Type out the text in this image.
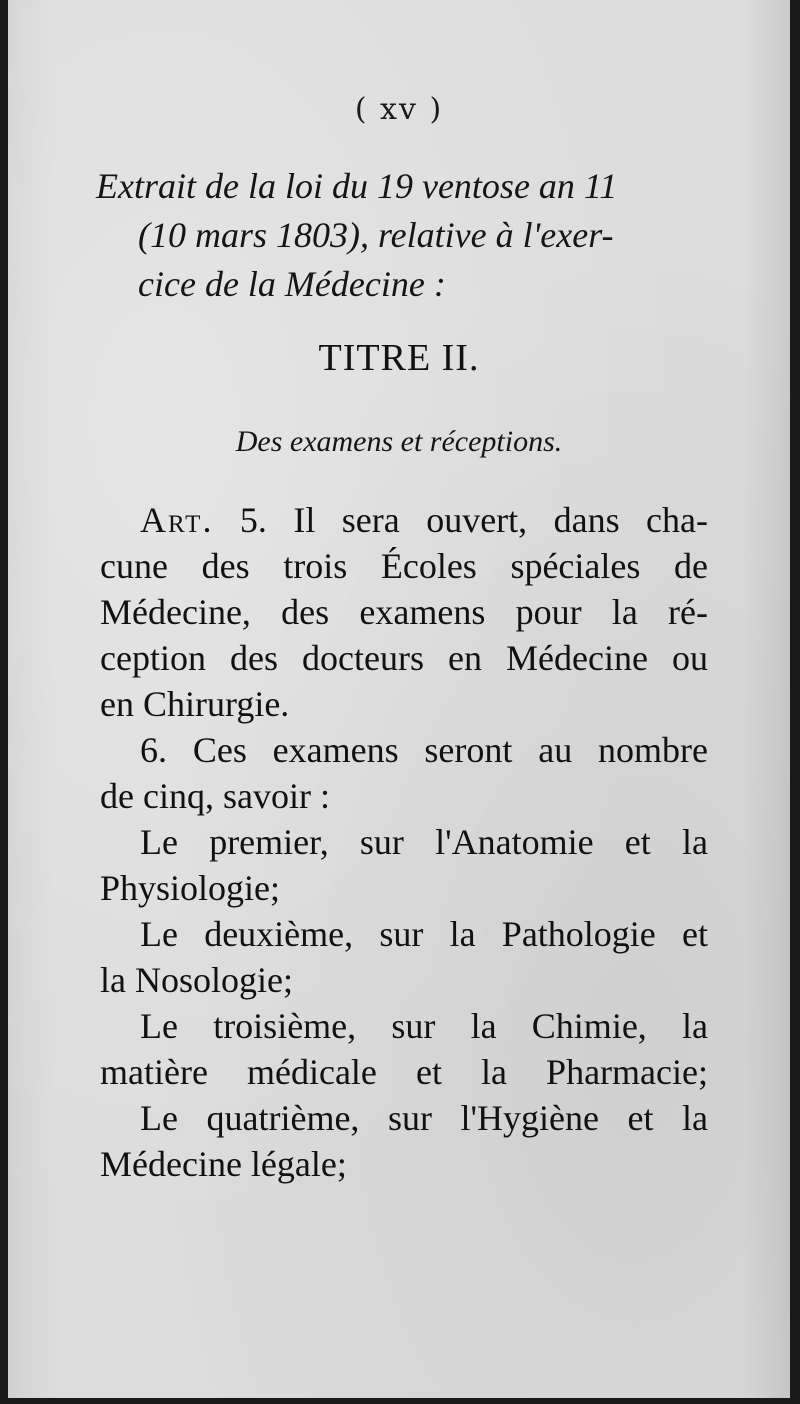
( xv )
Extrait de la loi du 19 ventose an 11
(10 mars 1803), relative à l'exer-
cice de la Médecine :
TITRE II.
Des examens et réceptions.
Art. 5. Il sera ouvert, dans cha-
cune des trois Écoles spéciales de
Médecine, des examens pour la ré-
ception des docteurs en Médecine ou
en Chirurgie.
6. Ces examens seront au nombre
de cinq, savoir :
Le premier, sur l'Anatomie et la
Physiologie;
Le deuxième, sur la Pathologie et
la Nosologie;
Le troisième, sur la Chimie, la
matière médicale et la Pharmacie;
Le quatrième, sur l'Hygiène et la
Médecine légale;
